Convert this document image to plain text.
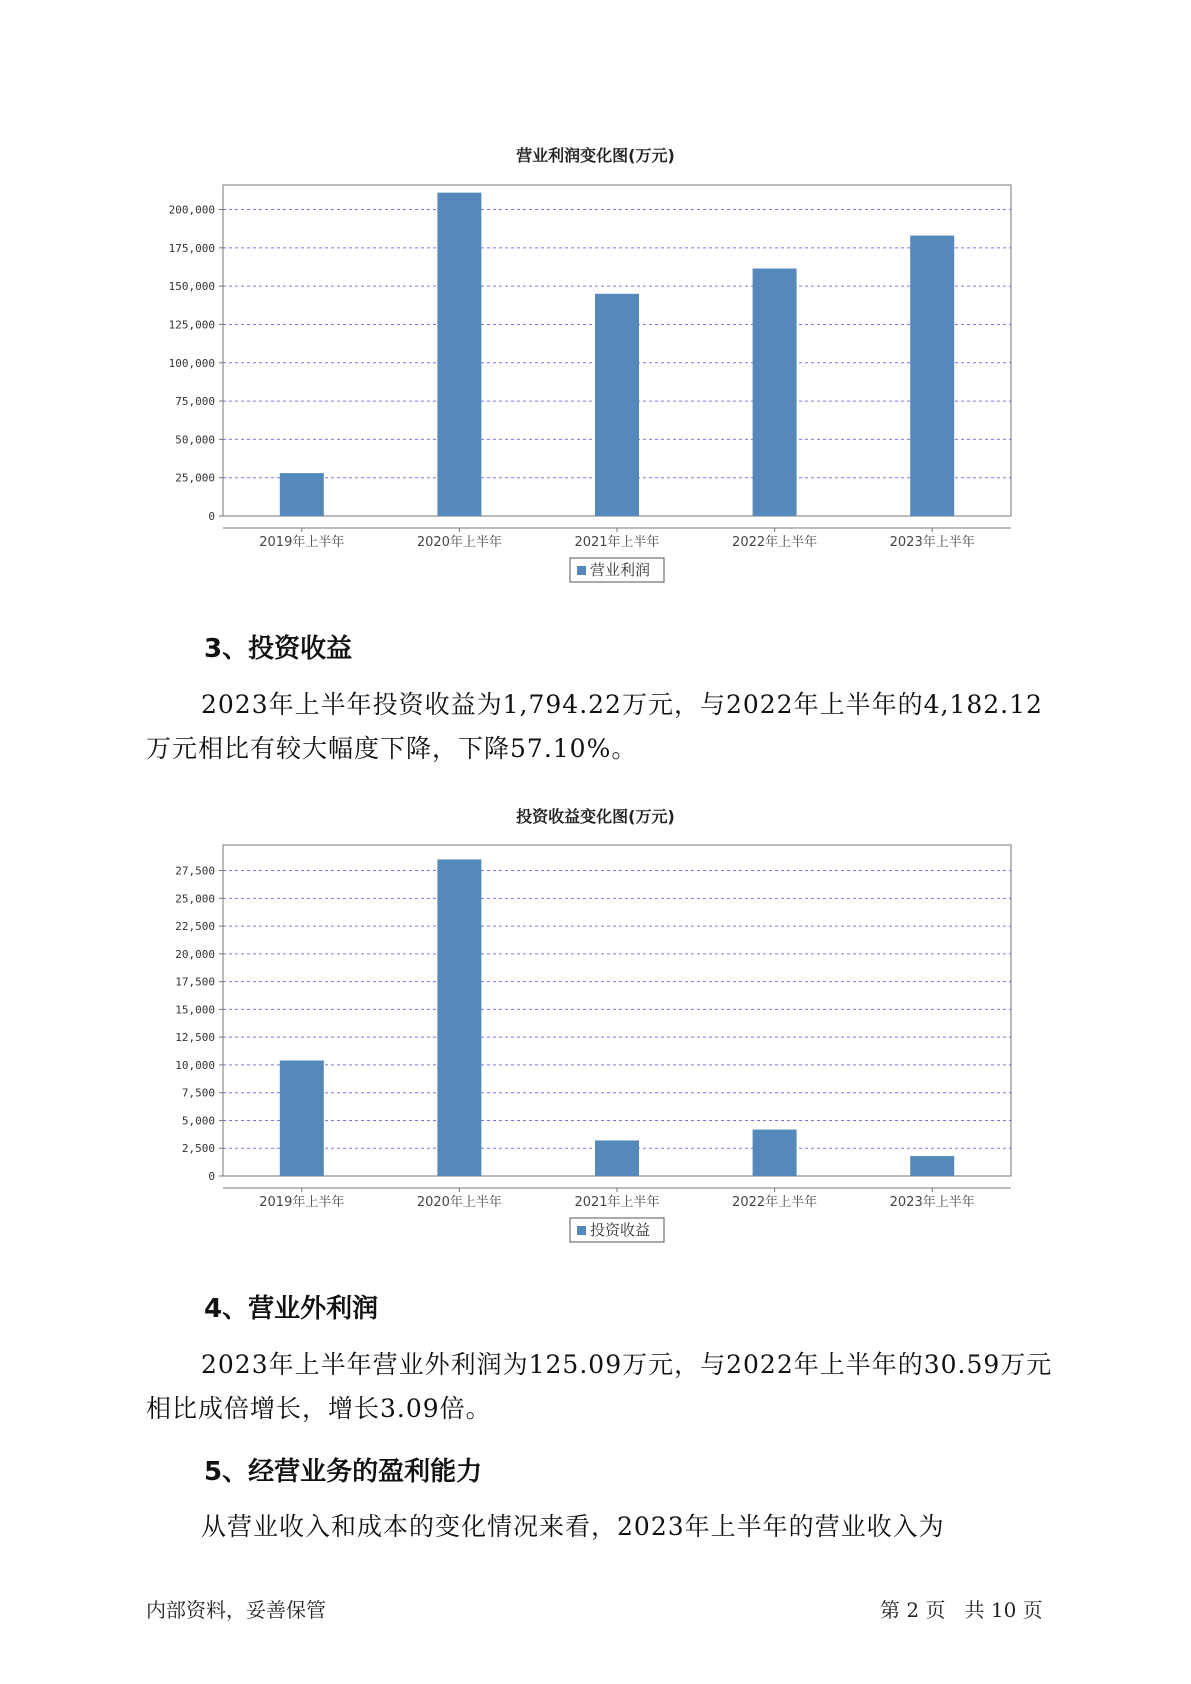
营业利润变化图(万元)
0
25,000
50,000
75,000
100,000
125,000
150,000
175,000
200,000
2019年上半年	2020年上半年	2021年上半年	2022年上半年	2023年上半年
营业利润
3、投资收益

2023年上半年投资收益为1,794.22万元，与2022年上半年的4,182.12万元相比有较大幅度下降，下降57.10%。

投资收益变化图(万元)
0
2,500
5,000
7,500
10,000
12,500
15,000
17,500
20,000
22,500
25,000
27,500
2019年上半年	2020年上半年	2021年上半年	2022年上半年	2023年上半年
投资收益
4、营业外利润

2023年上半年营业外利润为125.09万元，与2022年上半年的30.59万元相比成倍增长，增长3.09倍。

5、经营业务的盈利能力

从营业收入和成本的变化情况来看，2023年上半年的营业收入为

内部资料，妥善保管	第 2 页   共 10 页
